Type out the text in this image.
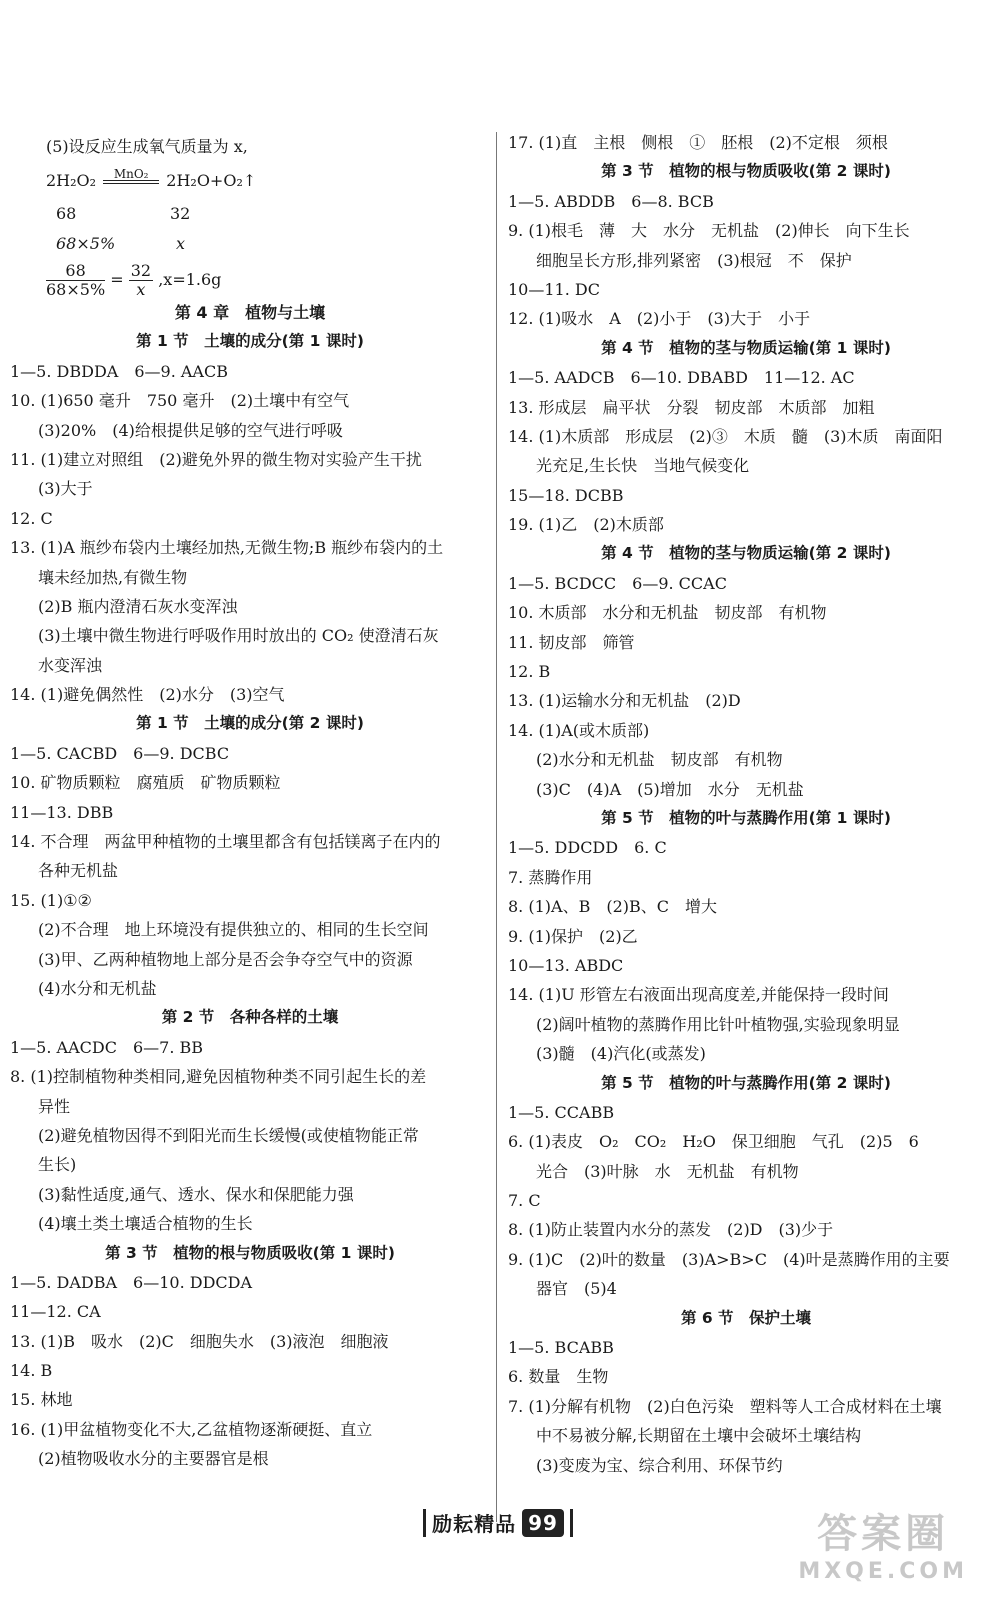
(5)设反应生成氧气质量为 x,
2H₂O₂	MnO₂	2H₂O+O₂↑
68	32
68×5%	x
$\frac{68}{68\times 5\%} = \frac{32}{x} ,x=1.6g$
第 4 章　植物与土壤
第 1 节　土壤的成分(第 1 课时)
1—5. DBDDA　6—9. AACB
10. (1)650 毫升　750 毫升　(2)土壤中有空气
(3)20%　(4)给根提供足够的空气进行呼吸
11. (1)建立对照组　(2)避免外界的微生物对实验产生干扰
(3)大于
12. C
13. (1)A 瓶纱布袋内土壤经加热,无微生物;B 瓶纱布袋内的土
壤未经加热,有微生物
(2)B 瓶内澄清石灰水变浑浊
(3)土壤中微生物进行呼吸作用时放出的 CO₂ 使澄清石灰
水变浑浊
14. (1)避免偶然性　(2)水分　(3)空气
第 1 节　土壤的成分(第 2 课时)
1—5. CACBD　6—9. DCBC
10. 矿物质颗粒　腐殖质　矿物质颗粒
11—13. DBB
14. 不合理　两盆甲种植物的土壤里都含有包括镁离子在内的
各种无机盐
15. (1)①②
(2)不合理　地上环境没有提供独立的、相同的生长空间
(3)甲、乙两种植物地上部分是否会争夺空气中的资源
(4)水分和无机盐
第 2 节　各种各样的土壤
1—5. AACDC　6—7. BB
8. (1)控制植物种类相同,避免因植物种类不同引起生长的差
异性
(2)避免植物因得不到阳光而生长缓慢(或使植物能正常
生长)
(3)黏性适度,通气、透水、保水和保肥能力强
(4)壤土类土壤适合植物的生长
第 3 节　植物的根与物质吸收(第 1 课时)
1—5. DADBA　6—10. DDCDA
11—12. CA
13. (1)B　吸水　(2)C　细胞失水　(3)液泡　细胞液
14. B
15. 林地
16. (1)甲盆植物变化不大,乙盆植物逐渐硬挺、直立
(2)植物吸收水分的主要器官是根
17. (1)直　主根　侧根　①　胚根　(2)不定根　须根
第 3 节　植物的根与物质吸收(第 2 课时)
1—5. ABDDB　6—8. BCB
9. (1)根毛　薄　大　水分　无机盐　(2)伸长　向下生长
细胞呈长方形,排列紧密　(3)根冠　不　保护
10—11. DC
12. (1)吸水　A　(2)小于　(3)大于　小于
第 4 节　植物的茎与物质运输(第 1 课时)
1—5. AADCB　6—10. DBABD　11—12. AC
13. 形成层　扁平状　分裂　韧皮部　木质部　加粗
14. (1)木质部　形成层　(2)③　木质　髓　(3)木质　南面阳
光充足,生长快　当地气候变化
15—18. DCBB
19. (1)乙　(2)木质部
第 4 节　植物的茎与物质运输(第 2 课时)
1—5. BCDCC　6—9. CCAC
10. 木质部　水分和无机盐　韧皮部　有机物
11. 韧皮部　筛管
12. B
13. (1)运输水分和无机盐　(2)D
14. (1)A(或木质部)
(2)水分和无机盐　韧皮部　有机物
(3)C　(4)A　(5)增加　水分　无机盐
第 5 节　植物的叶与蒸腾作用(第 1 课时)
1—5. DDCDD　6. C
7. 蒸腾作用
8. (1)A、B　(2)B、C　增大
9. (1)保护　(2)乙
10—13. ABDC
14. (1)U 形管左右液面出现高度差,并能保持一段时间
(2)阔叶植物的蒸腾作用比针叶植物强,实验现象明显
(3)髓　(4)汽化(或蒸发)
第 5 节　植物的叶与蒸腾作用(第 2 课时)
1—5. CCABB
6. (1)表皮　O₂　CO₂　H₂O　保卫细胞　气孔　(2)5　6
光合　(3)叶脉　水　无机盐　有机物
7. C
8. (1)防止装置内水分的蒸发　(2)D　(3)少于
9. (1)C　(2)叶的数量　(3)A>B>C　(4)叶是蒸腾作用的主要
器官　(5)4
第 6 节　保护土壤
1—5. BCABB
6. 数量　生物
7. (1)分解有机物　(2)白色污染　塑料等人工合成材料在土壤
中不易被分解,长期留在土壤中会破坏土壤结构
(3)变废为宝、综合利用、环保节约
励耘精品 99	答案圈
MXQE.COM
